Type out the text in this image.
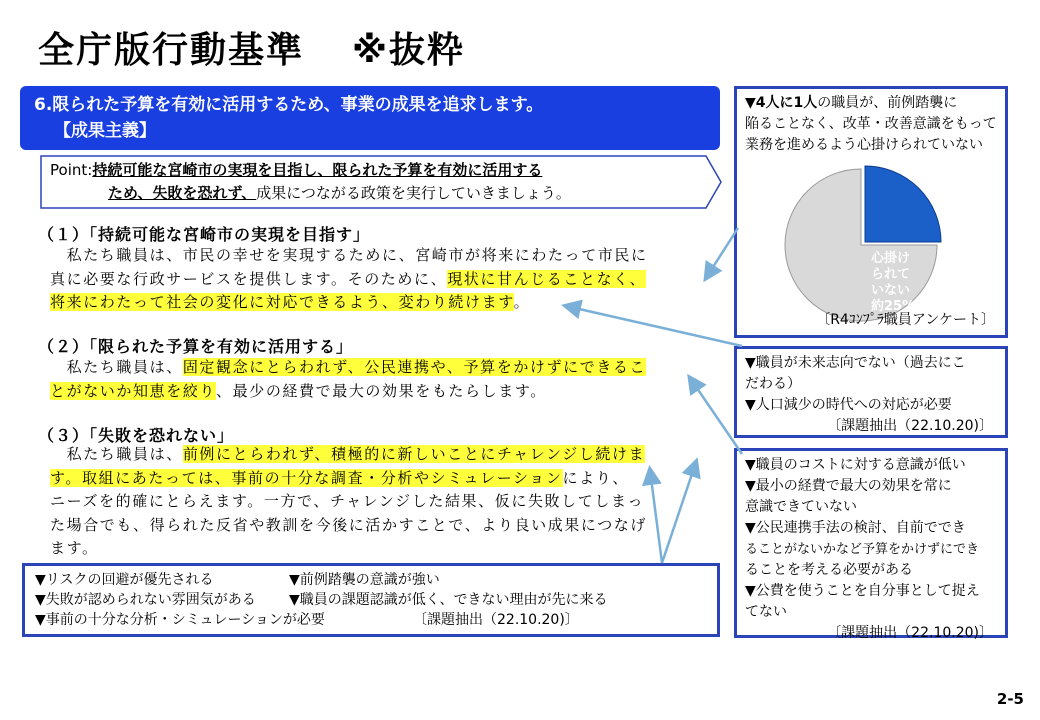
全庁版行動基準 ※抜粋
6.限られた予算を有効に活用するため、事業の成果を追求します。
【成果主義】
Point:持続可能な宮崎市の実現を目指し、限られた予算を有効に活用する
ため、失敗を恐れず、成果につながる政策を実行していきましょう。
（１）「持続可能な宮崎市の実現を目指す」
　私たち職員は、市民の幸せを実現するために、宮崎市が将来にわたって市民に
真に必要な行政サービスを提供します。そのために、現状に甘んじることなく、
将来にわたって社会の変化に対応できるよう、変わり続けます。
（２）「限られた予算を有効に活用する」
　私たち職員は、固定観念にとらわれず、公民連携や、予算をかけずにできるこ
とがないか知恵を絞り、最少の経費で最大の効果をもたらします。
（３）「失敗を恐れない」
　私たち職員は、前例にとらわれず、積極的に新しいことにチャレンジし続けま
す。取組にあたっては、事前の十分な調査・分析やシミュレーションにより、
ニーズを的確にとらえます。一方で、チャレンジした結果、仮に失敗してしまっ
た場合でも、得られた反省や教訓を今後に活かすことで、より良い成果につなげ
ます。
▼リスクの回避が優先される	▼前例踏襲の意識が強い
▼失敗が認められない雰囲気がある ▼職員の課題認識が低く、できない理由が先に来る
▼事前の十分な分析・シミュレーションが必要	〔課題抽出（22.10.20)〕
▼4人に1人の職員が、前例踏襲に
陥ることなく、改革・改善意識をもって
業務を進めるよう心掛けられていない
心掛け
られて
いない
約25%
〔R4ｺﾝﾌﾟﾗ職員アンケート〕
▼職員が未来志向でない（過去にこ
だわる）
▼人口減少の時代への対応が必要
〔課題抽出（22.10.20)〕
▼職員のコストに対する意識が低い
▼最小の経費で最大の効果を常に
意識できていない
▼公民連携手法の検討、自前ででき
ることがないかなど予算をかけずにでき
ることを考える必要がある
▼公費を使うことを自分事として捉え
てない
〔課題抽出（22.10.20)〕
2-5
